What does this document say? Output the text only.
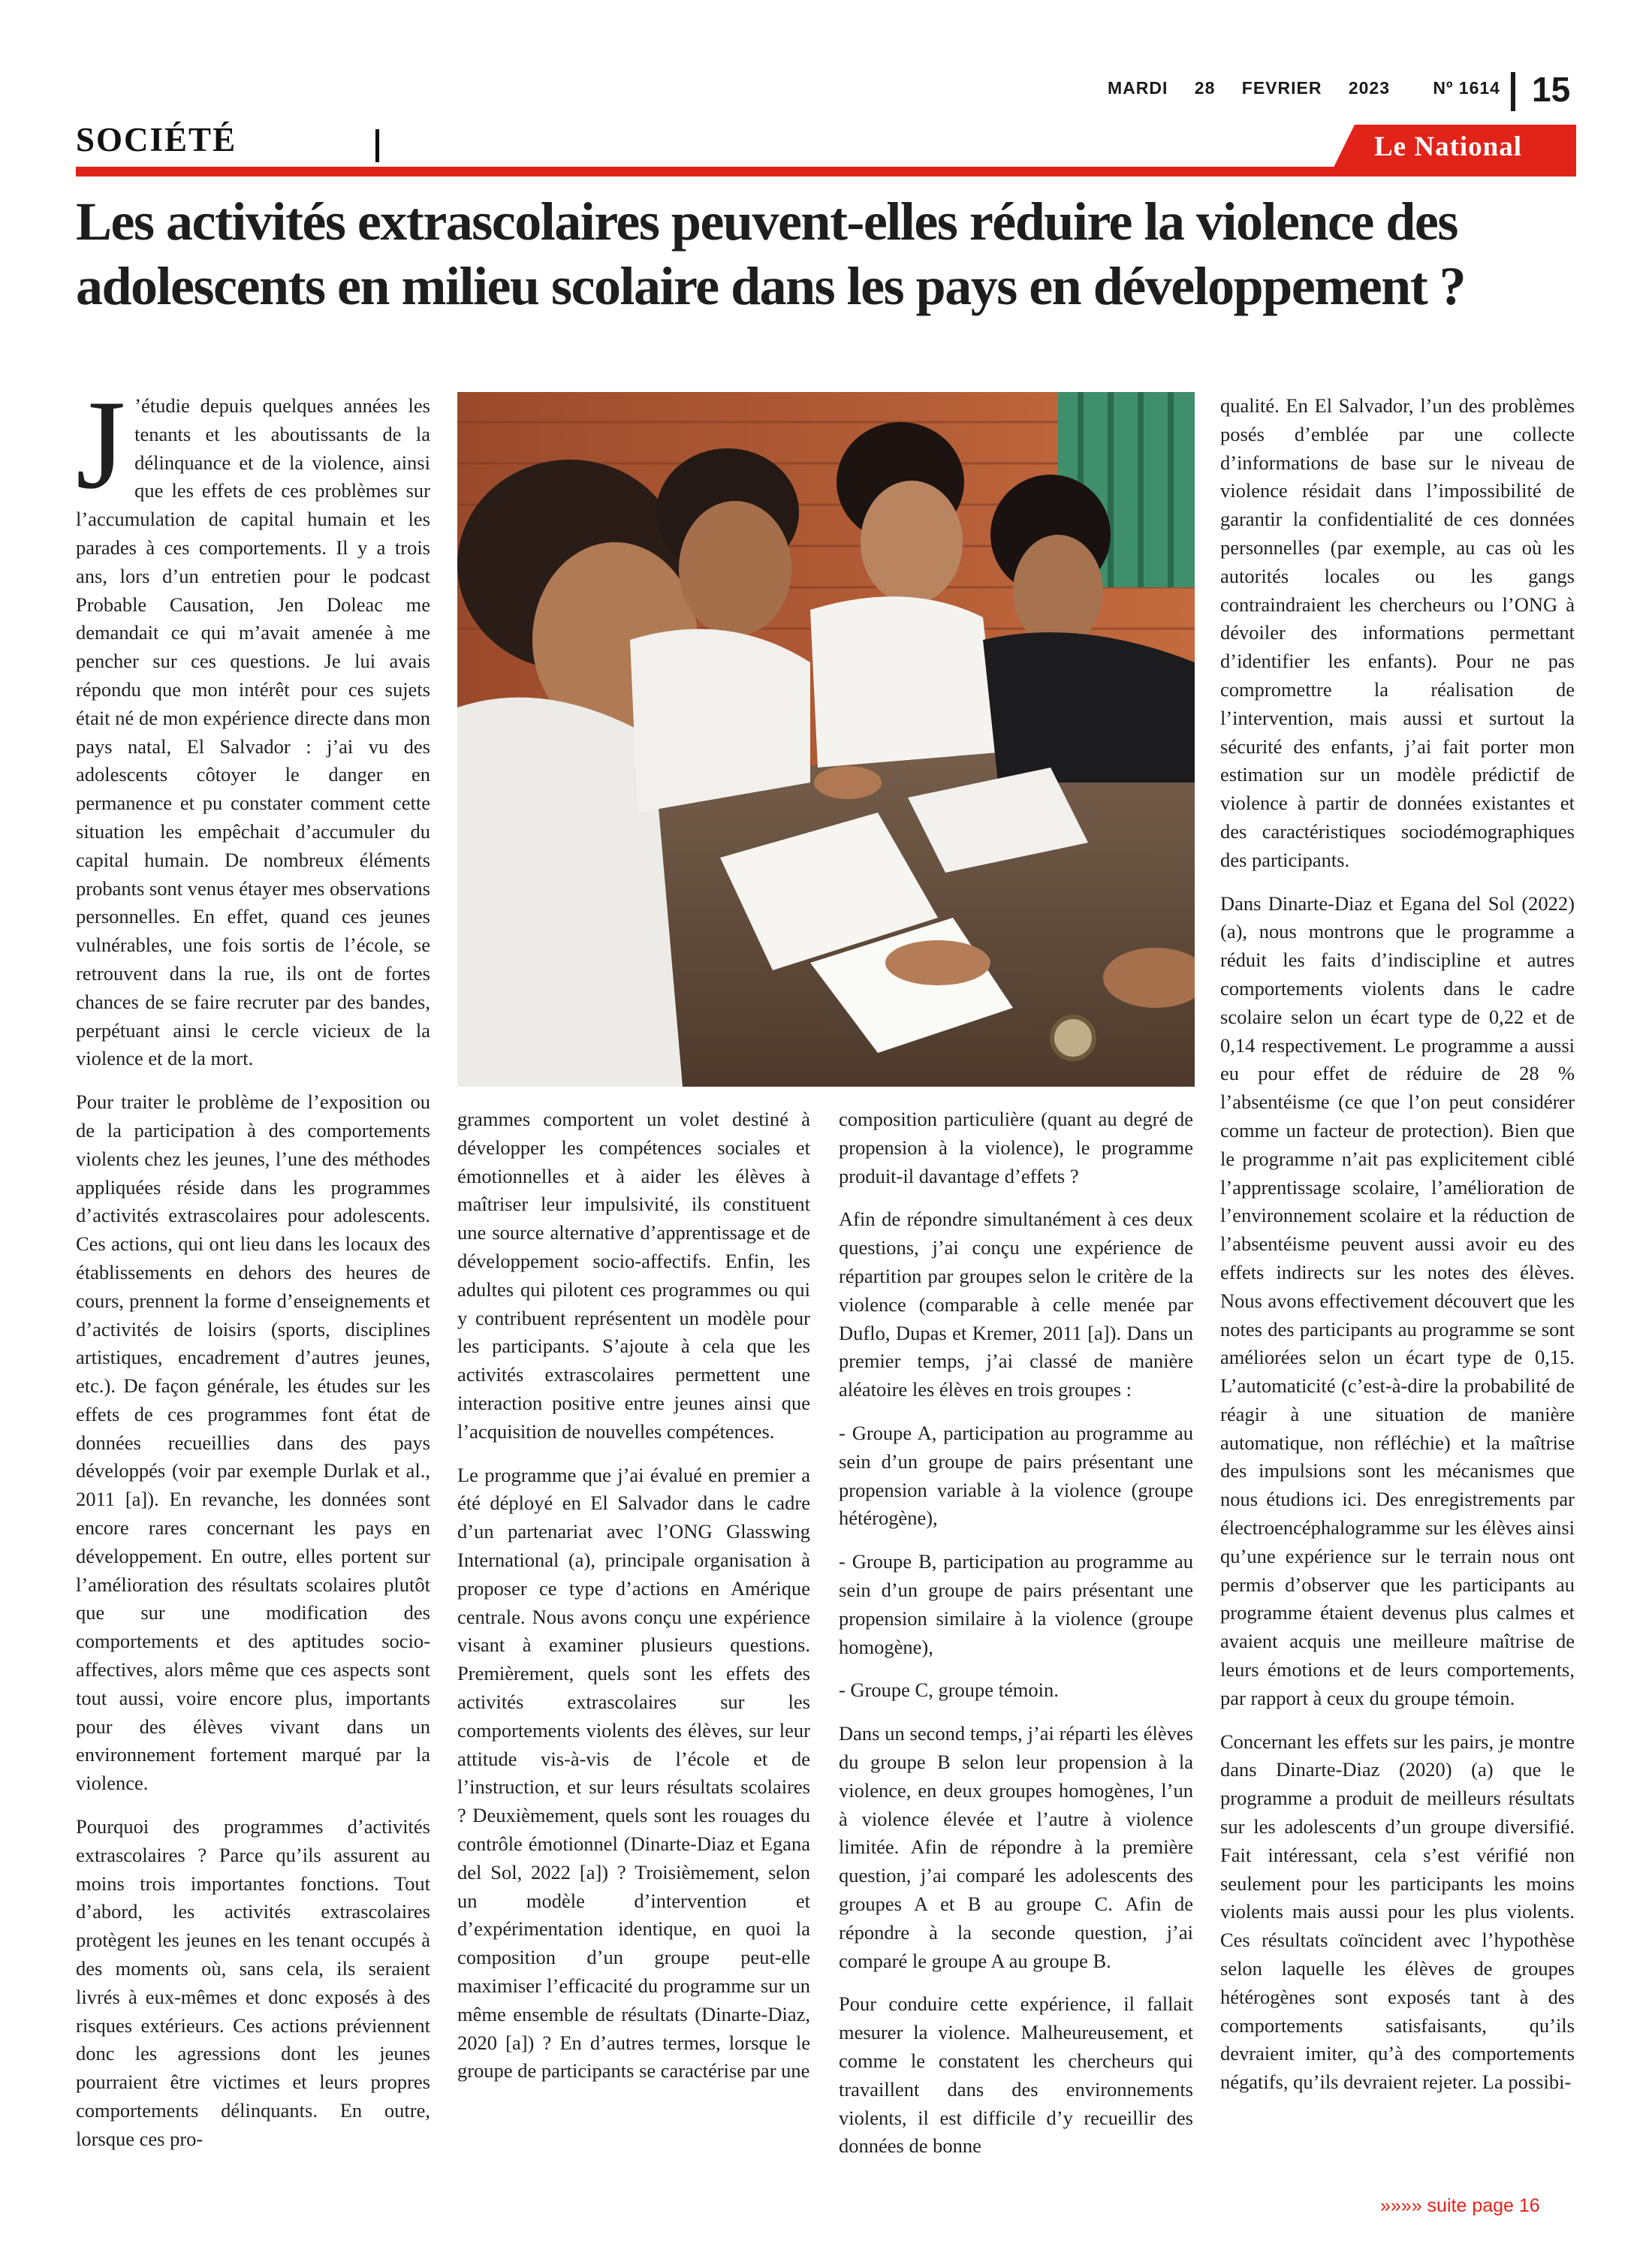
MARDI 28 FEVRIER 2023 Nº 1614 15
SOCIÉTÉ	Le National
Les activités extrascolaires peuvent-elles réduire la violence des adolescents en milieu scolaire dans les pays en développement ?

J ’étudie depuis quelques années les tenants et les aboutissants de la délinquance et de la violence, ainsi que les effets de ces problèmes sur l’accumulation de capital humain et les parades à ces comportements. Il y a trois ans, lors d’un entretien pour le podcast Probable Causation, Jen Doleac me demandait ce qui m’avait amenée à me pencher sur ces questions. Je lui avais répondu que mon intérêt pour ces sujets était né de mon expérience directe dans mon pays natal, El Salvador : j’ai vu des adolescents côtoyer le danger en permanence et pu constater comment cette situation les empêchait d’accumuler du capital humain. De nombreux éléments probants sont venus étayer mes observations personnelles. En effet, quand ces jeunes vulnérables, une fois sortis de l’école, se retrouvent dans la rue, ils ont de fortes chances de se faire recruter par des bandes, perpétuant ainsi le cercle vicieux de la violence et de la mort.

Pour traiter le problème de l’exposition ou de la participation à des comportements violents chez les jeunes, l’une des méthodes appliquées réside dans les programmes d’activités extrascolaires pour adolescents. Ces actions, qui ont lieu dans les locaux des établissements en dehors des heures de cours, prennent la forme d’enseignements et d’activités de loisirs (sports, disciplines artistiques, encadrement d’autres jeunes, etc.). De façon générale, les études sur les effets de ces programmes font état de données recueillies dans des pays développés (voir par exemple Durlak et al., 2011 [a]). En revanche, les données sont encore rares concernant les pays en développement. En outre, elles portent sur l’amélioration des résultats scolaires plutôt que sur une modification des comportements et des aptitudes socio-affectives, alors même que ces aspects sont tout aussi, voire encore plus, importants pour des élèves vivant dans un environnement fortement marqué par la violence.

Pourquoi des programmes d’activités extrascolaires ? Parce qu’ils assurent au moins trois importantes fonctions. Tout d’abord, les activités extrascolaires protègent les jeunes en les tenant occupés à des moments où, sans cela, ils seraient livrés à eux-mêmes et donc exposés à des risques extérieurs. Ces actions préviennent donc les agressions dont les jeunes pourraient être victimes et leurs propres comportements délinquants. En outre, lorsque ces pro-

grammes comportent un volet destiné à développer les compétences sociales et émotionnelles et à aider les élèves à maîtriser leur impulsivité, ils constituent une source alternative d’apprentissage et de développement socio-affectifs. Enfin, les adultes qui pilotent ces programmes ou qui y contribuent représentent un modèle pour les participants. S’ajoute à cela que les activités extrascolaires permettent une interaction positive entre jeunes ainsi que l’acquisition de nouvelles compétences.

Le programme que j’ai évalué en premier a été déployé en El Salvador dans le cadre d’un partenariat avec l’ONG Glasswing International (a), principale organisation à proposer ce type d’actions en Amérique centrale. Nous avons conçu une expérience visant à examiner plusieurs questions. Premièrement, quels sont les effets des activités extrascolaires sur les comportements violents des élèves, sur leur attitude vis-à-vis de l’école et de l’instruction, et sur leurs résultats scolaires ? Deuxièmement, quels sont les rouages du contrôle émotionnel (Dinarte-Diaz et Egana del Sol, 2022 [a]) ? Troisièmement, selon un modèle d’intervention et d’expérimentation identique, en quoi la composition d’un groupe peut-elle maximiser l’efficacité du programme sur un même ensemble de résultats (Dinarte-Diaz, 2020 [a]) ? En d’autres termes, lorsque le groupe de participants se caractérise par une

composition particulière (quant au degré de propension à la violence), le programme produit-il davantage d’effets ?

Afin de répondre simultanément à ces deux questions, j’ai conçu une expérience de répartition par groupes selon le critère de la violence (comparable à celle menée par Duflo, Dupas et Kremer, 2011 [a]). Dans un premier temps, j’ai classé de manière aléatoire les élèves en trois groupes :

- Groupe A, participation au programme au sein d’un groupe de pairs présentant une propension variable à la violence (groupe hétérogène),

- Groupe B, participation au programme au sein d’un groupe de pairs présentant une propension similaire à la violence (groupe homogène),

- Groupe C, groupe témoin.

Dans un second temps, j’ai réparti les élèves du groupe B selon leur propension à la violence, en deux groupes homogènes, l’un à violence élevée et l’autre à violence limitée. Afin de répondre à la première question, j’ai comparé les adolescents des groupes A et B au groupe C. Afin de répondre à la seconde question, j’ai comparé le groupe A au groupe B.

Pour conduire cette expérience, il fallait mesurer la violence. Malheureusement, et comme le constatent les chercheurs qui travaillent dans des environnements violents, il est difficile d’y recueillir des données de bonne

qualité. En El Salvador, l’un des problèmes posés d’emblée par une collecte d’informations de base sur le niveau de violence résidait dans l’impossibilité de garantir la confidentialité de ces données personnelles (par exemple, au cas où les autorités locales ou les gangs contraindraient les chercheurs ou l’ONG à dévoiler des informations permettant d’identifier les enfants). Pour ne pas compromettre la réalisation de l’intervention, mais aussi et surtout la sécurité des enfants, j’ai fait porter mon estimation sur un modèle prédictif de violence à partir de données existantes et des caractéristiques sociodémographiques des participants.

Dans Dinarte-Diaz et Egana del Sol (2022) (a), nous montrons que le programme a réduit les faits d’indiscipline et autres comportements violents dans le cadre scolaire selon un écart type de 0,22 et de 0,14 respectivement. Le programme a aussi eu pour effet de réduire de 28 % l’absentéisme (ce que l’on peut considérer comme un facteur de protection). Bien que le programme n’ait pas explicitement ciblé l’apprentissage scolaire, l’amélioration de l’environnement scolaire et la réduction de l’absentéisme peuvent aussi avoir eu des effets indirects sur les notes des élèves. Nous avons effectivement découvert que les notes des participants au programme se sont améliorées selon un écart type de 0,15. L’automaticité (c’est-à-dire la probabilité de réagir à une situation de manière automatique, non réfléchie) et la maîtrise des impulsions sont les mécanismes que nous étudions ici. Des enregistrements par électroencéphalogramme sur les élèves ainsi qu’une expérience sur le terrain nous ont permis d’observer que les participants au programme étaient devenus plus calmes et avaient acquis une meilleure maîtrise de leurs émotions et de leurs comportements, par rapport à ceux du groupe témoin.

Concernant les effets sur les pairs, je montre dans Dinarte-Diaz (2020) (a) que le programme a produit de meilleurs résultats sur les adolescents d’un groupe diversifié. Fait intéressant, cela s’est vérifié non seulement pour les participants les moins violents mais aussi pour les plus violents. Ces résultats coïncident avec l’hypothèse selon laquelle les élèves de groupes hétérogènes sont exposés tant à des comportements satisfaisants, qu’ils devraient imiter, qu’à des comportements négatifs, qu’ils devraient rejeter. La possibi-

»»»» suite page 16
